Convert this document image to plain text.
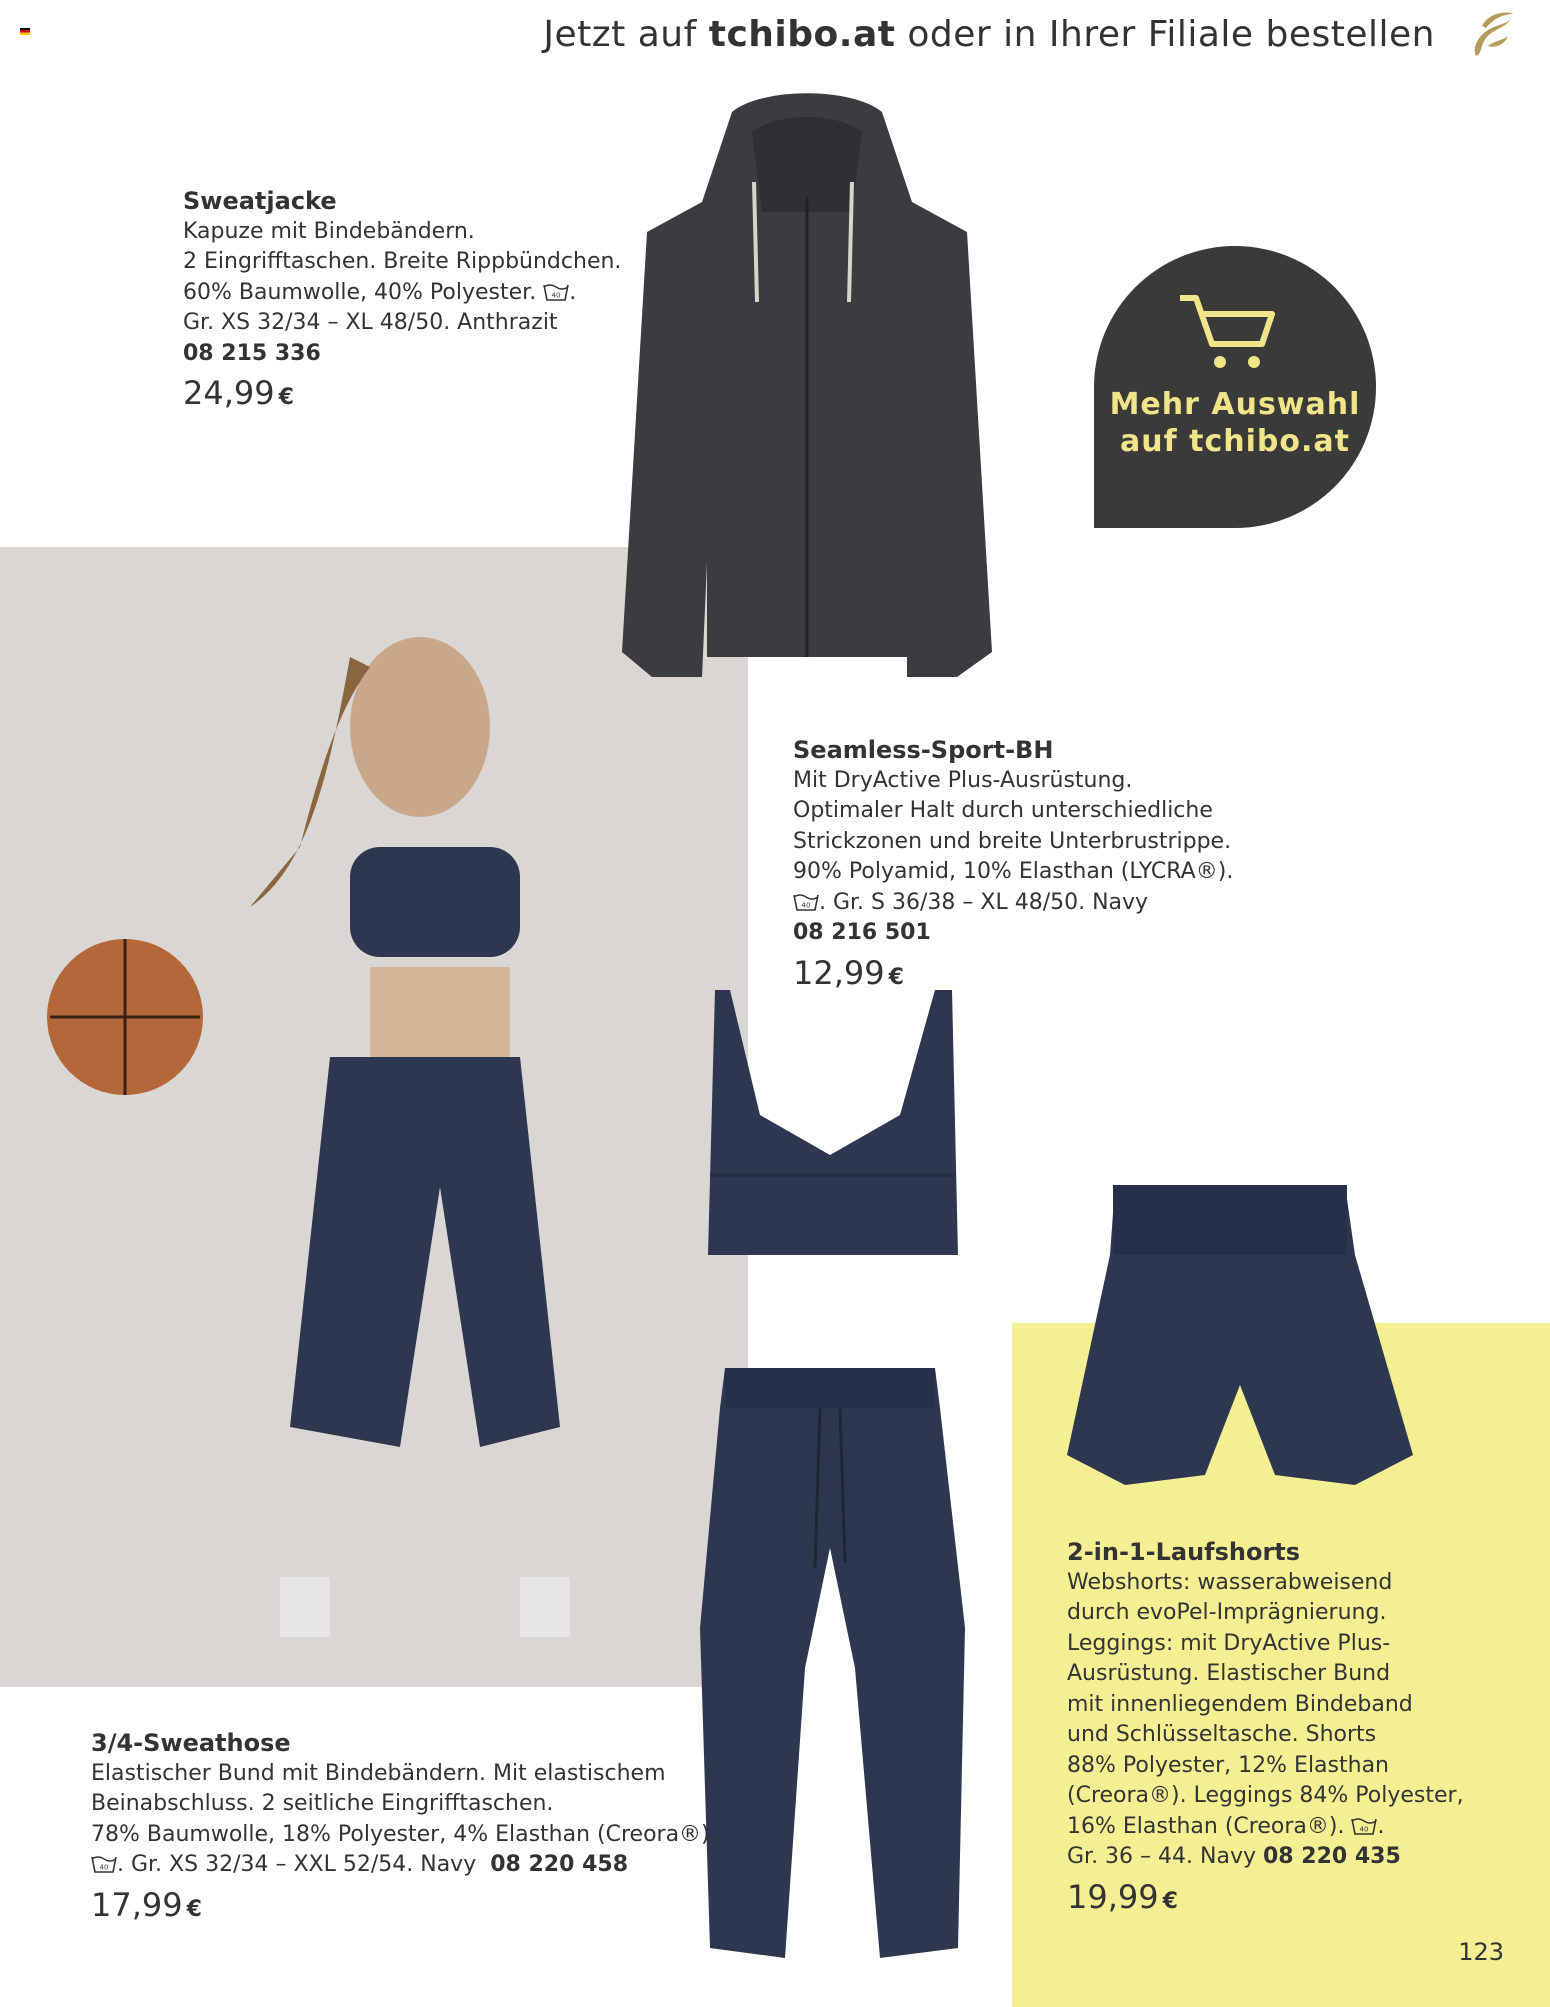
Jetzt auf tchibo.at oder in Ihrer Filiale bestellen
Mehr Auswahl
auf tchibo.at
Sweatjacke
Kapuze mit Bindebändern.
2 Eingrifftaschen. Breite Rippbündchen.
60% Baumwolle, 40% Polyester. 40 .
Gr. XS 32/34 – XL 48/50. Anthrazit
08 215 336
24,99 €
Seamless-Sport-BH
Mit DryActive Plus-Ausrüstung.
Optimaler Halt durch unterschiedliche
Strickzonen und breite Unterbrustrippe.
90% Polyamid, 10% Elasthan (LYCRA®).
40 . Gr. S 36/38 – XL 48/50. Navy
08 216 501
12,99 €
3/4-Sweathose
Elastischer Bund mit Bindebändern. Mit elastischem
Beinabschluss. 2 seitliche Eingrifftaschen.
78% Baumwolle, 18% Polyester, 4% Elasthan (Creora®).
40 . Gr. XS 32/34 – XXL 52/54. Navy 08 220 458
17,99 €
2-in-1-Laufshorts
Webshorts: wasserabweisend
durch evoPel-Imprägnierung.
Leggings: mit DryActive Plus-
Ausrüstung. Elastischer Bund
mit innenliegendem Bindeband
und Schlüsseltasche. Shorts
88% Polyester, 12% Elasthan
(Creora®). Leggings 84% Polyester,
16% Elasthan (Creora®). 40 .
Gr. 36 – 44. Navy 08 220 435
19,99 €
123
